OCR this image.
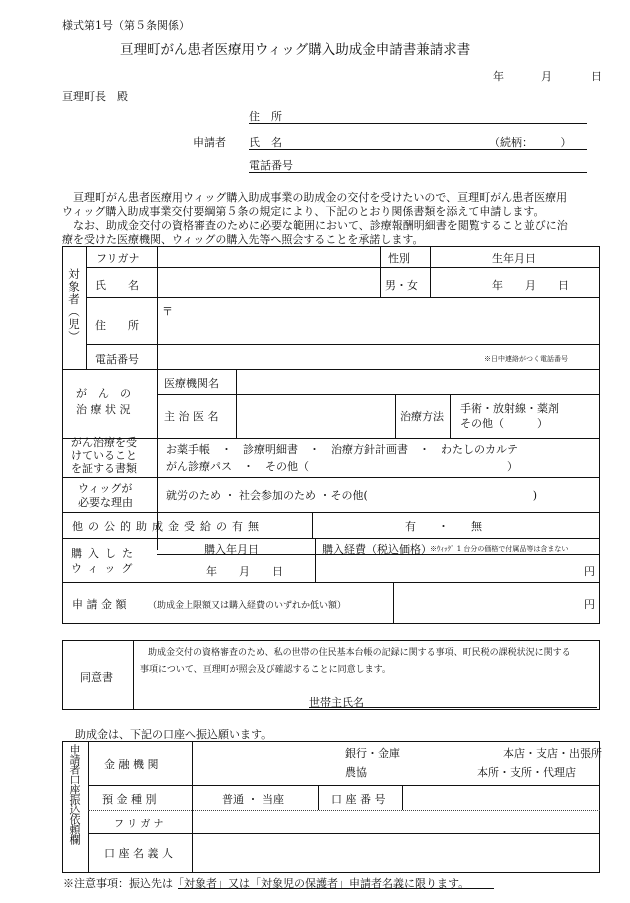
様式第1号（第５条関係）
亘理町がん患者医療用ウィッグ購入助成金申請書兼請求書
年	月	日
亘理町長　殿
申請者
住　所
氏　名	（続柄：　　　）
電話番号
　亘理町がん患者医療用ウィッグ購入助成事業の助成金の交付を受けたいので、亘理町がん患者医療用
ウィッグ購入助成事業交付要綱第５条の規定により、下記のとおり関係書類を添えて申請します。
　なお、助成金交付の資格審査のために必要な範囲において、診療報酬明細書を閲覧すること並びに治
療を受けた医療機関、ウィッグの購入先等へ照会することを承諾します。
対象者（児）
フリガナ	性別	生年月日
氏　　名	男・女	年　　月　　日
住　　所
〒
電話番号	※日中連絡がつく電話番号
が　ん　の
治 療 状 況
医療機関名
主 治 医 名	治療方法
手術・放射線・薬剤
その他（　　　）
がん治療を受
けていること
を証する書類
お薬手帳　・　診療明細書　・　治療方針計画書　・　わたしのカルテ
がん診療パス　・　その他（　　　　　　　　　　　　　　　　　　）
ウィッグが
必要な理由
就労のため ・ 社会参加のため ・その他(　　　　　　　　　　　　　　　)
他の公的助成金受給の有無	有　　・　　無
購入した
ウィッグ
購入年月日	購入経費（税込価格）
※ｳｨｯｸﾞ 1 台分の価格で付属品等は含まない
年　　月　　日	円
申 請 金 額 （助成金上限額又は購入経費のいずれか低い額）	円
同意書
助成金交付の資格審査のため、私の世帯の住民基本台帳の記録に関する事項、町民税の課税状況に関する
事項について、亘理町が照会及び確認することに同意します。
世帯主氏名
助成金は、下記の口座へ振込願います。
申請者口座振込依頼欄 金 融 機 関
銀行・金庫
農協
本店・支店・出張所
本所・支所・代理店
預 金 種 別	普通 ・ 当座	口 座 番 号
フ リ ガ ナ
口 座 名 義 人
※注意事項：振込先は「対象者」又は「対象児の保護者」申請者名義に限ります。
